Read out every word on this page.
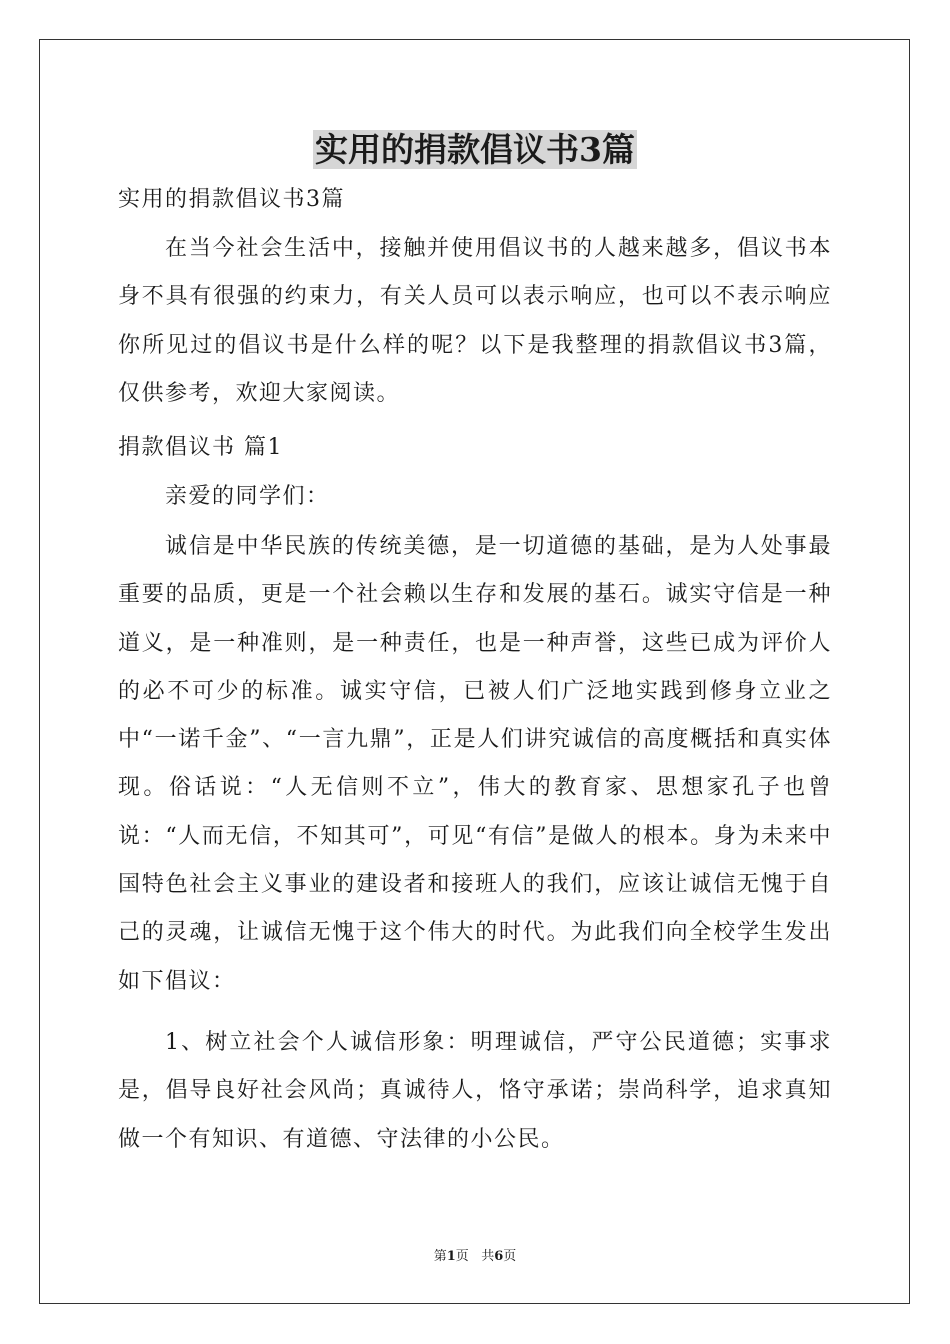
实用的捐款倡议书3篇

实用的捐款倡议书3篇

在当今社会生活中，接触并使用倡议书的人越来越多，倡议书本身不具有很强的约束力，有关人员可以表示响应，也可以不表示响应你所见过的倡议书是什么样的呢？以下是我整理的捐款倡议书3篇，仅供参考，欢迎大家阅读。

捐款倡议书 篇1

亲爱的同学们：

诚信是中华民族的传统美德，是一切道德的基础，是为人处事最重要的品质，更是一个社会赖以生存和发展的基石。诚实守信是一种道义，是一种准则，是一种责任，也是一种声誉，这些已成为评价人的必不可少的标准。诚实守信，已被人们广泛地实践到修身立业之中“一诺千金”、“一言九鼎”，正是人们讲究诚信的高度概括和真实体现。俗话说：“人无信则不立”，伟大的教育家、思想家孔子也曾说：“人而无信，不知其可”，可见“有信”是做人的根本。身为未来中国特色社会主义事业的建设者和接班人的我们，应该让诚信无愧于自己的灵魂，让诚信无愧于这个伟大的时代。为此我们向全校学生发出如下倡议：

1、树立社会个人诚信形象：明理诚信，严守公民道德；实事求是，倡导良好社会风尚；真诚待人，恪守承诺；崇尚科学，追求真知做一个有知识、有道德、守法律的小公民。

第1页 共6页
